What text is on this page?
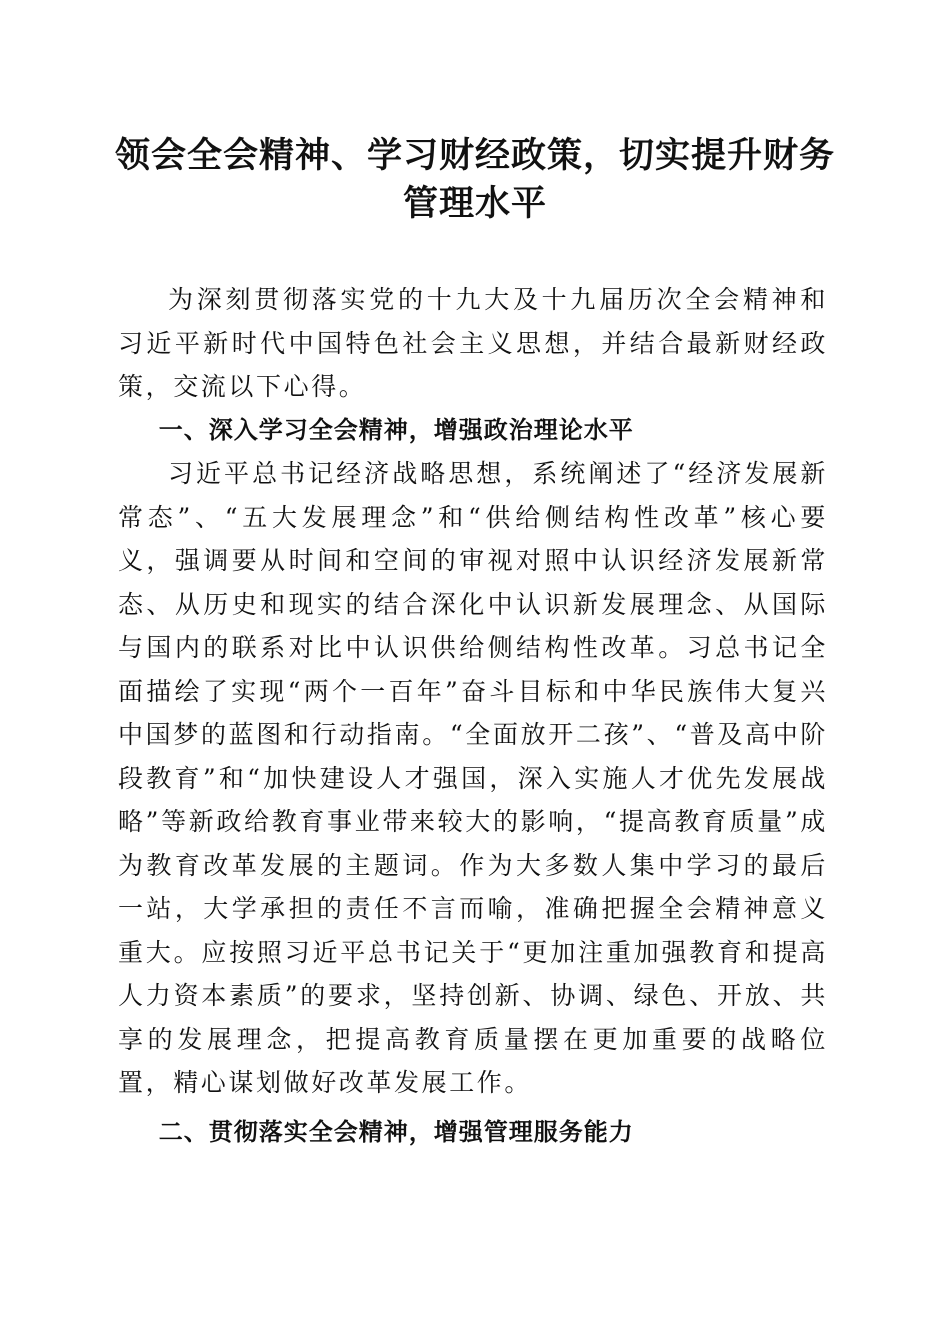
领会全会精神、学习财经政策，切实提升财务管理水平

为深刻贯彻落实党的十九大及十九届历次全会精神和习近平新时代中国特色社会主义思想，并结合最新财经政策，交流以下心得。

一、深入学习全会精神，增强政治理论水平

习近平总书记经济战略思想，系统阐述了“经济发展新常态”、“五大发展理念”和“供给侧结构性改革”核心要义，强调要从时间和空间的审视对照中认识经济发展新常态、从历史和现实的结合深化中认识新发展理念、从国际与国内的联系对比中认识供给侧结构性改革。习总书记全面描绘了实现“两个一百年”奋斗目标和中华民族伟大复兴中国梦的蓝图和行动指南。“全面放开二孩”、“普及高中阶段教育”和“加快建设人才强国，深入实施人才优先发展战略”等新政给教育事业带来较大的影响，“提高教育质量”成为教育改革发展的主题词。作为大多数人集中学习的最后一站，大学承担的责任不言而喻，准确把握全会精神意义重大。应按照习近平总书记关于“更加注重加强教育和提高人力资本素质”的要求，坚持创新、协调、绿色、开放、共享的发展理念，把提高教育质量摆在更加重要的战略位置，精心谋划做好改革发展工作。

二、贯彻落实全会精神，增强管理服务能力
